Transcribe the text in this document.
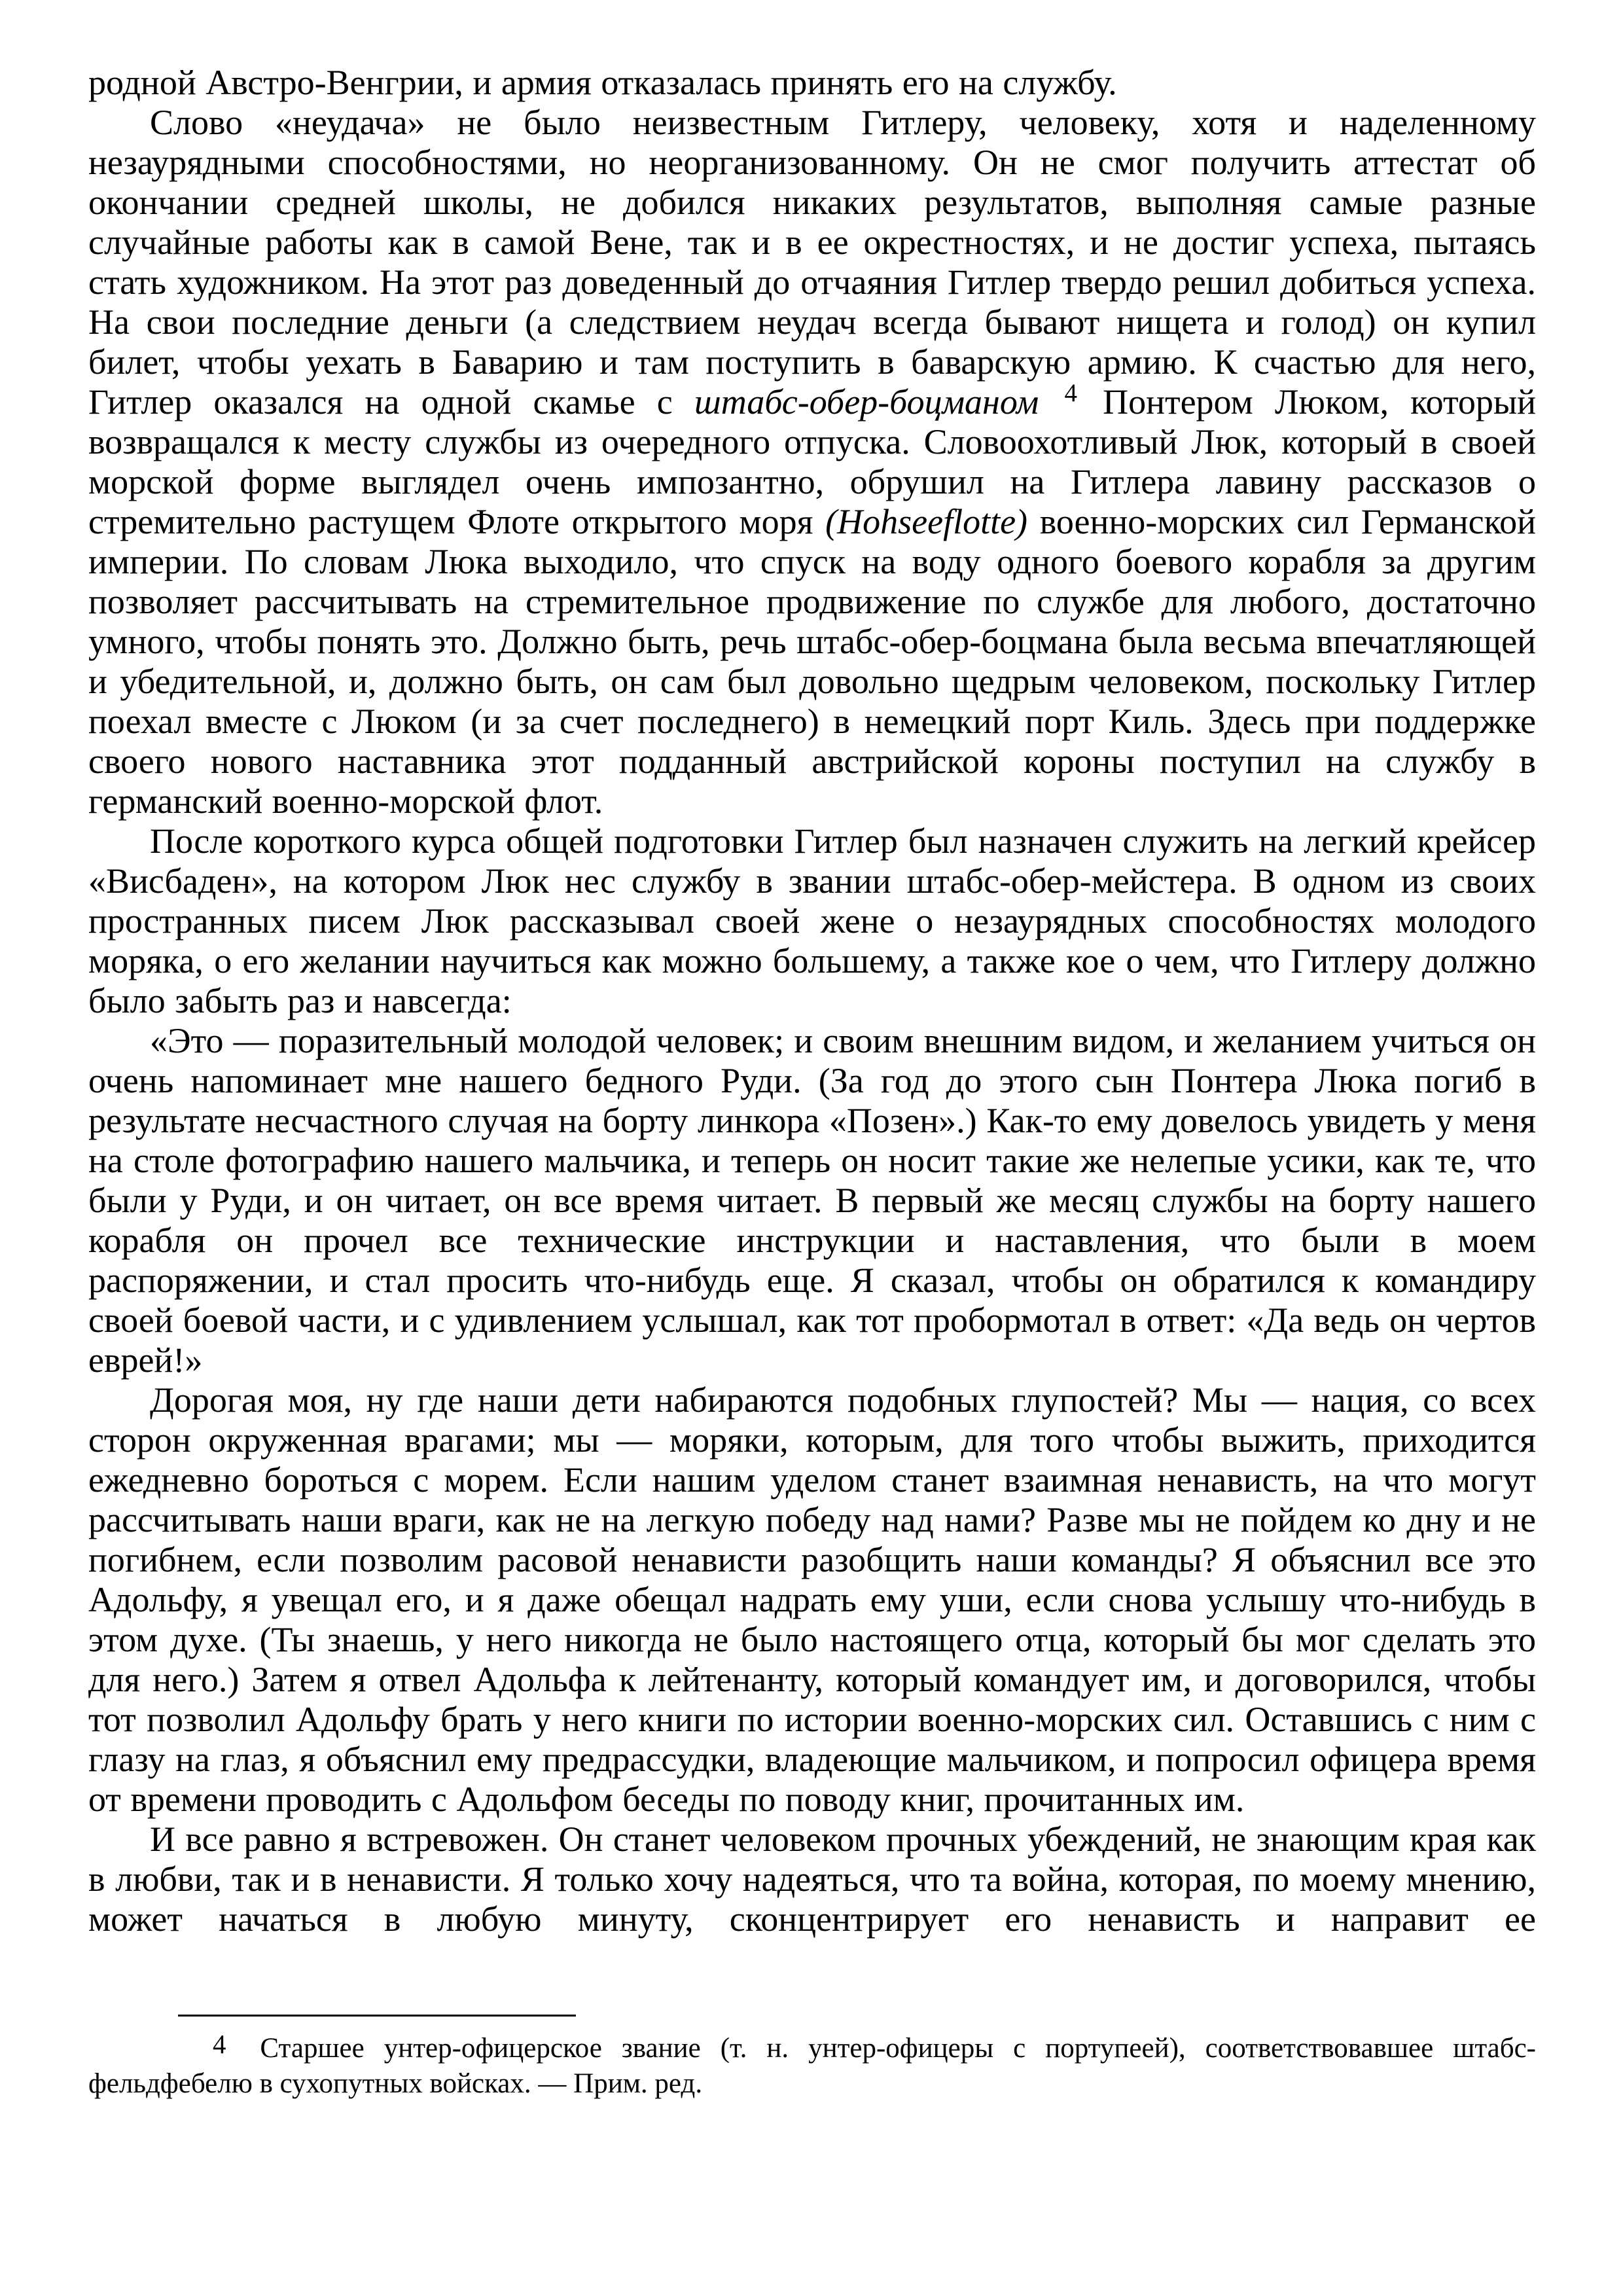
родной Австро-Венгрии, и армия отказалась принять его на службу.

Слово «неудача» не было неизвестным Гитлеру, человеку, хотя и наделенному незаурядными способностями, но неорганизованному. Он не смог получить аттестат об окончании средней школы, не добился никаких результатов, выполняя самые разные случайные работы как в самой Вене, так и в ее окрестностях, и не достиг успеха, пытаясь стать художником. На этот раз доведенный до отчаяния Гитлер твердо решил добиться успеха. На свои последние деньги (а следствием неудач всегда бывают нищета и голод) он купил билет, чтобы уехать в Баварию и там поступить в баварскую армию. К счастью для него, Гитлер оказался на одной скамье с штабс-обер-боцманом $^4$ Понтером Люком, который возвращался к месту службы из очередного отпуска. Словоохотливый Люк, который в своей морской форме выглядел очень импозантно, обрушил на Гитлера лавину рассказов о стремительно растущем Флоте открытого моря (Hohseeflotte) военно-морских сил Германской империи. По словам Люка выходило, что спуск на воду одного боевого корабля за другим позволяет рассчитывать на стремительное продвижение по службе для любого, достаточно умного, чтобы понять это. Должно быть, речь штабс-обер-боцмана была весьма впечатляющей и убедительной, и, должно быть, он сам был довольно щедрым человеком, поскольку Гитлер поехал вместе с Люком (и за счет последнего) в немецкий порт Киль. Здесь при поддержке своего нового наставника этот подданный австрийской короны поступил на службу в германский военно-морской флот.

После короткого курса общей подготовки Гитлер был назначен служить на легкий крейсер «Висбаден», на котором Люк нес службу в звании штабс-обер-мейстера. В одном из своих пространных писем Люк рассказывал своей жене о незаурядных способностях молодого моряка, о его желании научиться как можно большему, а также кое о чем, что Гитлеру должно было забыть раз и навсегда:

«Это — поразительный молодой человек; и своим внешним видом, и желанием учиться он очень напоминает мне нашего бедного Руди. (За год до этого сын Понтера Люка погиб в результате несчастного случая на борту линкора «Позен».) Как-то ему довелось увидеть у меня на столе фотографию нашего мальчика, и теперь он носит такие же нелепые усики, как те, что были у Руди, и он читает, он все время читает. В первый же месяц службы на борту нашего корабля он прочел все технические инструкции и наставления, что были в моем распоряжении, и стал просить что-нибудь еще. Я сказал, чтобы он обратился к командиру своей боевой части, и с удивлением услышал, как тот пробормотал в ответ: «Да ведь он чертов еврей!»

Дорогая моя, ну где наши дети набираются подобных глупостей? Мы — нация, со всех сторон окруженная врагами; мы — моряки, которым, для того чтобы выжить, приходится ежедневно бороться с морем. Если нашим уделом станет взаимная ненависть, на что могут рассчитывать наши враги, как не на легкую победу над нами? Разве мы не пойдем ко дну и не погибнем, если позволим расовой ненависти разобщить наши команды? Я объяснил все это Адольфу, я увещал его, и я даже обещал надрать ему уши, если снова услышу что-нибудь в этом духе. (Ты знаешь, у него никогда не было настоящего отца, который бы мог сделать это для него.) Затем я отвел Адольфа к лейтенанту, который командует им, и договорился, чтобы тот позволил Адольфу брать у него книги по истории военно-морских сил. Оставшись с ним с глазу на глаз, я объяснил ему предрассудки, владеющие мальчиком, и попросил офицера время от времени проводить с Адольфом беседы по поводу книг, прочитанных им.

И все равно я встревожен. Он станет человеком прочных убеждений, не знающим края как в любви, так и в ненависти. Я только хочу надеяться, что та война, которая, по моему мнению, может начаться в любую минуту, сконцентрирует его ненависть и направит ее

4 Старшее унтер-офицерское звание (т. н. унтер-офицеры с портупеей), соответствовавшее штабс-фельдфебелю в сухопутных войсках. — Прим. ред.
